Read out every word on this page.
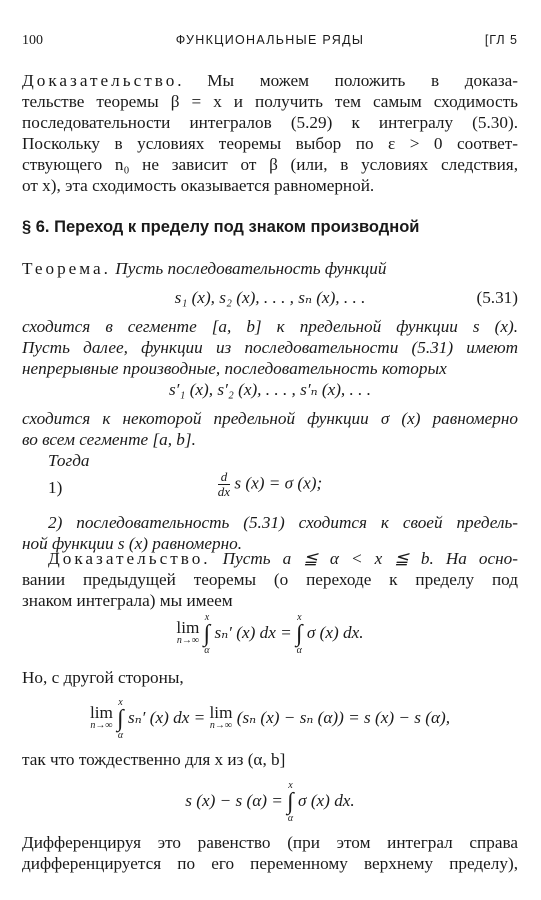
100	ФУНКЦИОНАЛЬНЫЕ РЯДЫ	[ГЛ 5
Доказательство. Мы можем положить в доказа-
тельстве теоремы β = x и получить тем самым сходимость
последовательности интегралов (5.29) к интегралу (5.30).
Поскольку в условиях теоремы выбор по ε > 0 соответ-
ствующего n₀ не зависит от β (или, в условиях следствия,
от x), эта сходимость оказывается равномерной.
§ 6. Переход к пределу под знаком производной
Теорема. Пусть последовательность функций
s₁ (x), s₂ (x), . . . , sₙ (x), . . .	(5.31)
сходится в сегменте [a, b] к предельной функции s (x).
Пусть далее, функции из последовательности (5.31) имеют
непрерывные производные, последовательность которых
s′₁ (x), s′₂ (x), . . . , s′ₙ (x), . . .
сходится к некоторой предельной функции σ (x) равномерно
во всем сегменте [a, b].
Тогда
1)	$\frac{d}{dx}$ s (x) = σ (x);
2) последовательность (5.31) сходится к своей предель-
ной функции s (x) равномерно.
Доказательство. Пусть a ≦ α < x ≦ b. На осно-
вании предыдущей теоремы (о переходе к пределу под
знаком интеграла) мы имеем
lim
n→∞

x
∫
α
sₙ′ (x) dx =
x
∫
α
σ (x) dx.
Но, с другой стороны,
lim
n→∞

x
∫
α
sₙ′ (x) dx = lim
n→∞ (sₙ (x) − sₙ (α)) = s (x) − s (α),
так что тождественно для x из (α, b]
s (x) − s (α) =
x
∫
α
σ (x) dx.
Дифференцируя это равенство (при этом интеграл справа
дифференцируется по его переменному верхнему пределу),
